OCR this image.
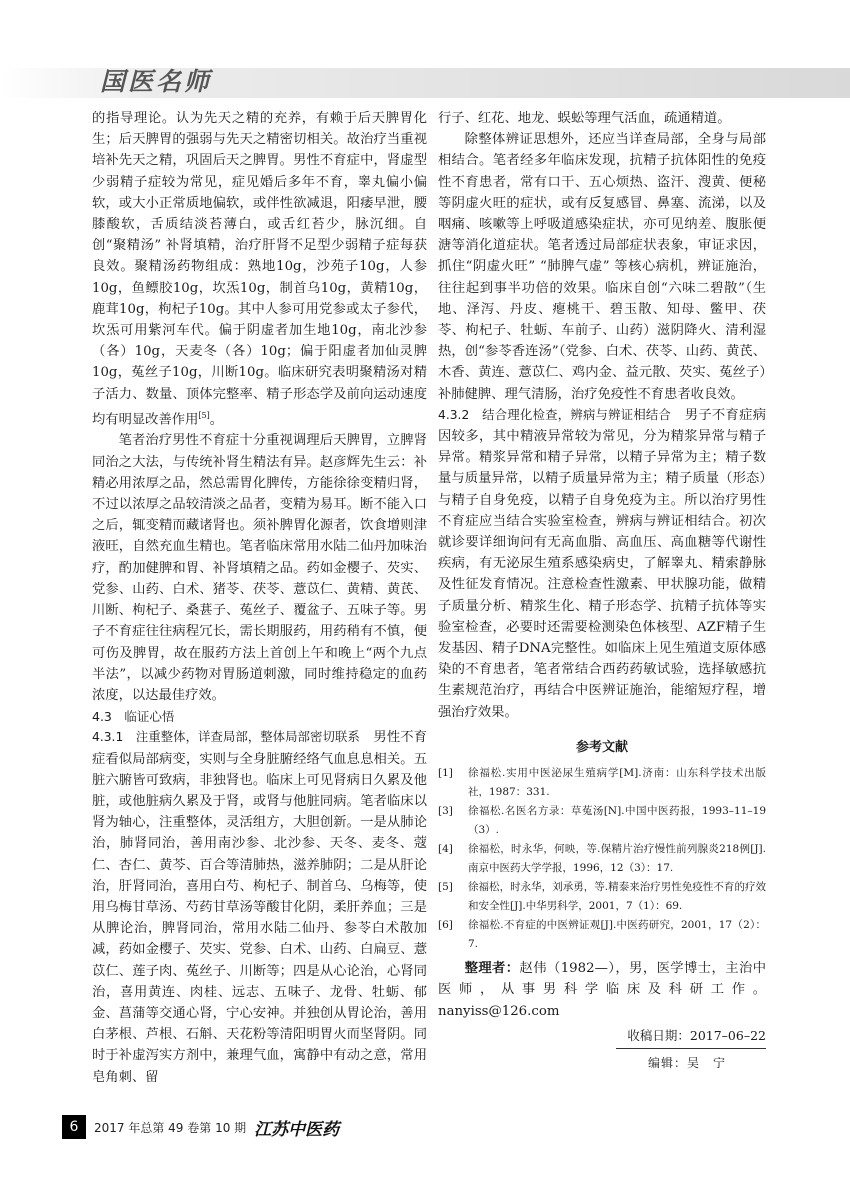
国医名师

的指导理论。认为先天之精的充养，有赖于后天脾胃化生；后天脾胃的强弱与先天之精密切相关。故治疗当重视培补先天之精，巩固后天之脾胃。男性不育症中，肾虚型少弱精子症较为常见，症见婚后多年不育，睾丸偏小偏软，或大小正常质地偏软，或伴性欲减退，阳痿早泄，腰膝酸软，舌质结淡苔薄白，或舌红苔少，脉沉细。自创“聚精汤” 补肾填精，治疗肝肾不足型少弱精子症每获良效。聚精汤药物组成：熟地10g，沙苑子10g，人参10g，鱼鳔胶10g，坎炁10g，制首乌10g，黄精10g，鹿茸10g，枸杞子10g。其中人参可用党参或太子参代，坎炁可用紫河车代。偏于阴虚者加生地10g，南北沙参（各）10g，天麦冬（各）10g；偏于阳虚者加仙灵脾10g，菟丝子10g，川断10g。临床研究表明聚精汤对精子活力、数量、顶体完整率、精子形态学及前向运动速度均有明显改善作用[5]。

笔者治疗男性不育症十分重视调理后天脾胃，立脾肾同治之大法，与传统补肾生精法有异。赵彦辉先生云：补精必用浓厚之品，然总需胃化脾传，方能徐徐变精归肾，不过以浓厚之品较清淡之品者，变精为易耳。断不能入口之后，辄变精而藏诸肾也。须补脾胃化源者，饮食增则津液旺，自然充血生精也。笔者临床常用水陆二仙丹加味治疗，酌加健脾和胃、补肾填精之品。药如金樱子、芡实、党参、山药、白术、猪苓、茯苓、薏苡仁、黄精、黄芪、川断、枸杞子、桑葚子、菟丝子、覆盆子、五味子等。男子不育症往往病程冗长，需长期服药，用药稍有不慎，便可伤及脾胃，故在服药方法上首创上午和晚上“两个九点半法”，以减少药物对胃肠道刺激，同时维持稳定的血药浓度，以达最佳疗效。

4.3　临证心悟

4.3.1　注重整体，详查局部，整体局部密切联系　 男性不育症看似局部病变，实则与全身脏腑经络气血息息相关。五脏六腑皆可致病，非独肾也。临床上可见肾病日久累及他脏，或他脏病久累及于肾，或肾与他脏同病。笔者临床以肾为轴心，注重整体，灵活组方，大胆创新。一是从肺论治，肺肾同治，善用南沙参、北沙参、天冬、麦冬、蔻仁、杏仁、黄芩、百合等清肺热，滋养肺阴；二是从肝论治，肝肾同治，喜用白芍、枸杞子、制首乌、乌梅等，使用乌梅甘草汤、芍药甘草汤等酸甘化阴，柔肝养血；三是从脾论治，脾肾同治，常用水陆二仙丹、参苓白术散加减，药如金樱子、芡实、党参、白术、山药、白扁豆、薏苡仁、莲子肉、菟丝子、川断等；四是从心论治，心肾同治，喜用黄连、肉桂、远志、五味子、龙骨、牡蛎、郁金、菖蒲等交通心肾，宁心安神。并独创从胃论治，善用白茅根、芦根、石斛、天花粉等清阳明胃火而坚肾阴。同时于补虚泻实方剂中，兼理气血，寓静中有动之意，常用皂角刺、留

行子、红花、地龙、蜈蚣等理气活血，疏通精道。

除整体辨证思想外，还应当详查局部，全身与局部相结合。笔者经多年临床发现，抗精子抗体阳性的免疫性不育患者，常有口干、五心烦热、盗汗、溲黄、便秘等阴虚火旺的症状，或有反复感冒、鼻塞、流涕，以及咽痛、咳嗽等上呼吸道感染症状，亦可见纳差、腹胀便溏等消化道症状。笔者透过局部症状表象，审证求因，抓住“阴虚火旺” “肺脾气虚” 等核心病机，辨证施治，往往起到事半功倍的效果。临床自创“六味二碧散”（生地、泽泻、丹皮、瘪桃干、碧玉散、知母、鳖甲、茯苓、枸杞子、牡蛎、车前子、山药）滋阴降火、清利湿热，创“参苓香连汤”（党参、白术、茯苓、山药、黄芪、木香、黄连、薏苡仁、鸡内金、益元散、芡实、菟丝子）补肺健脾、理气清肠，治疗免疫性不育患者收良效。

4.3.2　结合理化检查，辨病与辨证相结合　 男子不育症病因较多，其中精液异常较为常见，分为精浆异常与精子异常。精浆异常和精子异常，以精子异常为主；精子数量与质量异常，以精子质量异常为主；精子质量（形态）与精子自身免疫，以精子自身免疫为主。所以治疗男性不育症应当结合实验室检查，辨病与辨证相结合。初次就诊要详细询问有无高血脂、高血压、高血糖等代谢性疾病，有无泌尿生殖系感染病史，了解睾丸、精索静脉及性征发育情况。注意检查性激素、甲状腺功能，做精子质量分析、精浆生化、精子形态学、抗精子抗体等实验室检查，必要时还需要检测染色体核型、AZF精子生发基因、精子DNA完整性。如临床上见生殖道支原体感染的不育患者，笔者常结合西药药敏试验，选择敏感抗生素规范治疗，再结合中医辨证施治，能缩短疗程，增强治疗效果。

参考文献

[1]	徐福松.实用中医泌尿生殖病学[M].济南：山东科学技术出版社，1987：331.
[3]	徐福松.名医名方录：草菟汤[N].中国中医药报，1993–11–19（3）.
[4]	徐福松，时永华，何映，等.保精片治疗慢性前列腺炎218例[J].南京中医药大学学报，1996，12（3）：17.
[5]	徐福松，时永华，刘承勇，等.精泰来治疗男性免疫性不育的疗效和安全性[J].中华男科学，2001，7（1）：69.
[6]	徐福松.不育症的中医辨证观[J].中医药研究，2001，17（2）：7.

整理者：赵伟（1982—），男，医学博士，主治中医师，从事男科学临床及科研工作。nanyiss@126.com

收稿日期：2017–06–22

编辑：吴　宁

6	2017 年总第 49 卷第 10 期 江苏中医药
